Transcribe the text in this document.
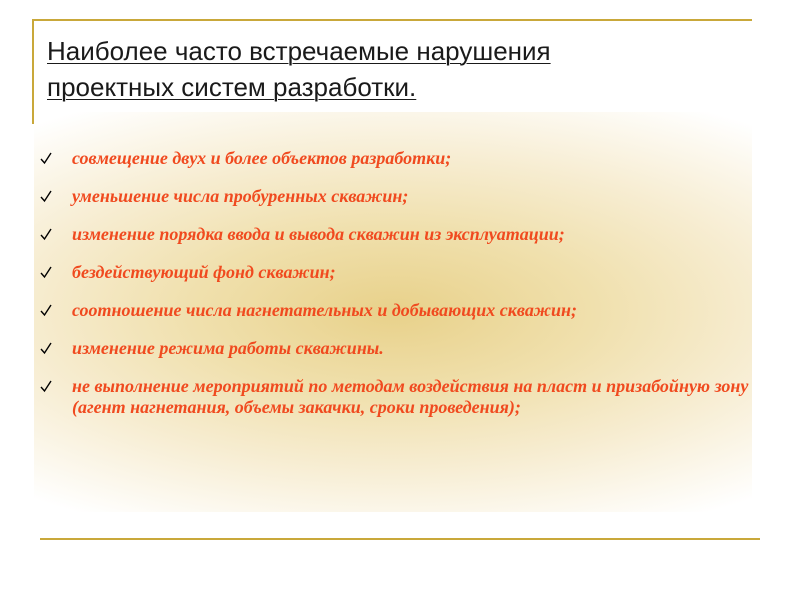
Наиболее часто встречаемые нарушения
проектных систем разработки.
совмещение двух и более объектов разработки;
уменьшение числа пробуренных скважин;
изменение порядка ввода и вывода скважин из эксплуатации;
бездействующий фонд скважин;
соотношение числа нагнетательных и добывающих скважин;
изменение режима работы скважины.
не выполнение мероприятий по методам воздействия на пласт и призабойную зону (агент нагнетания, объемы закачки, сроки проведения);
